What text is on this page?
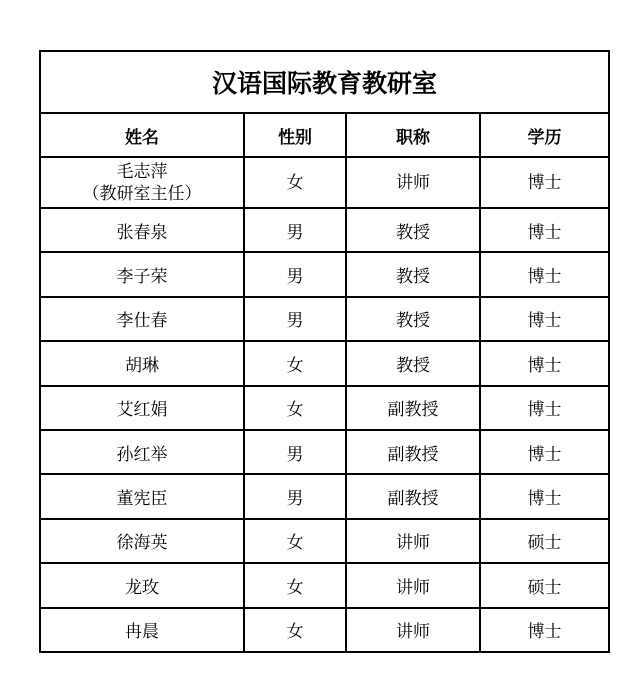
汉语国际教育教研室			
姓名	性别	职称	学历

毛志萍
（教研室主任）	女	讲师	博士
张春泉	男	教授	博士
李子荣	男	教授	博士
李仕春	男	教授	博士
胡琳	女	教授	博士
艾红娟	女	副教授	博士
孙红举	男	副教授	博士
董宪臣	男	副教授	博士
徐海英	女	讲师	硕士
龙玫	女	讲师	硕士
冉晨	女	讲师	博士
